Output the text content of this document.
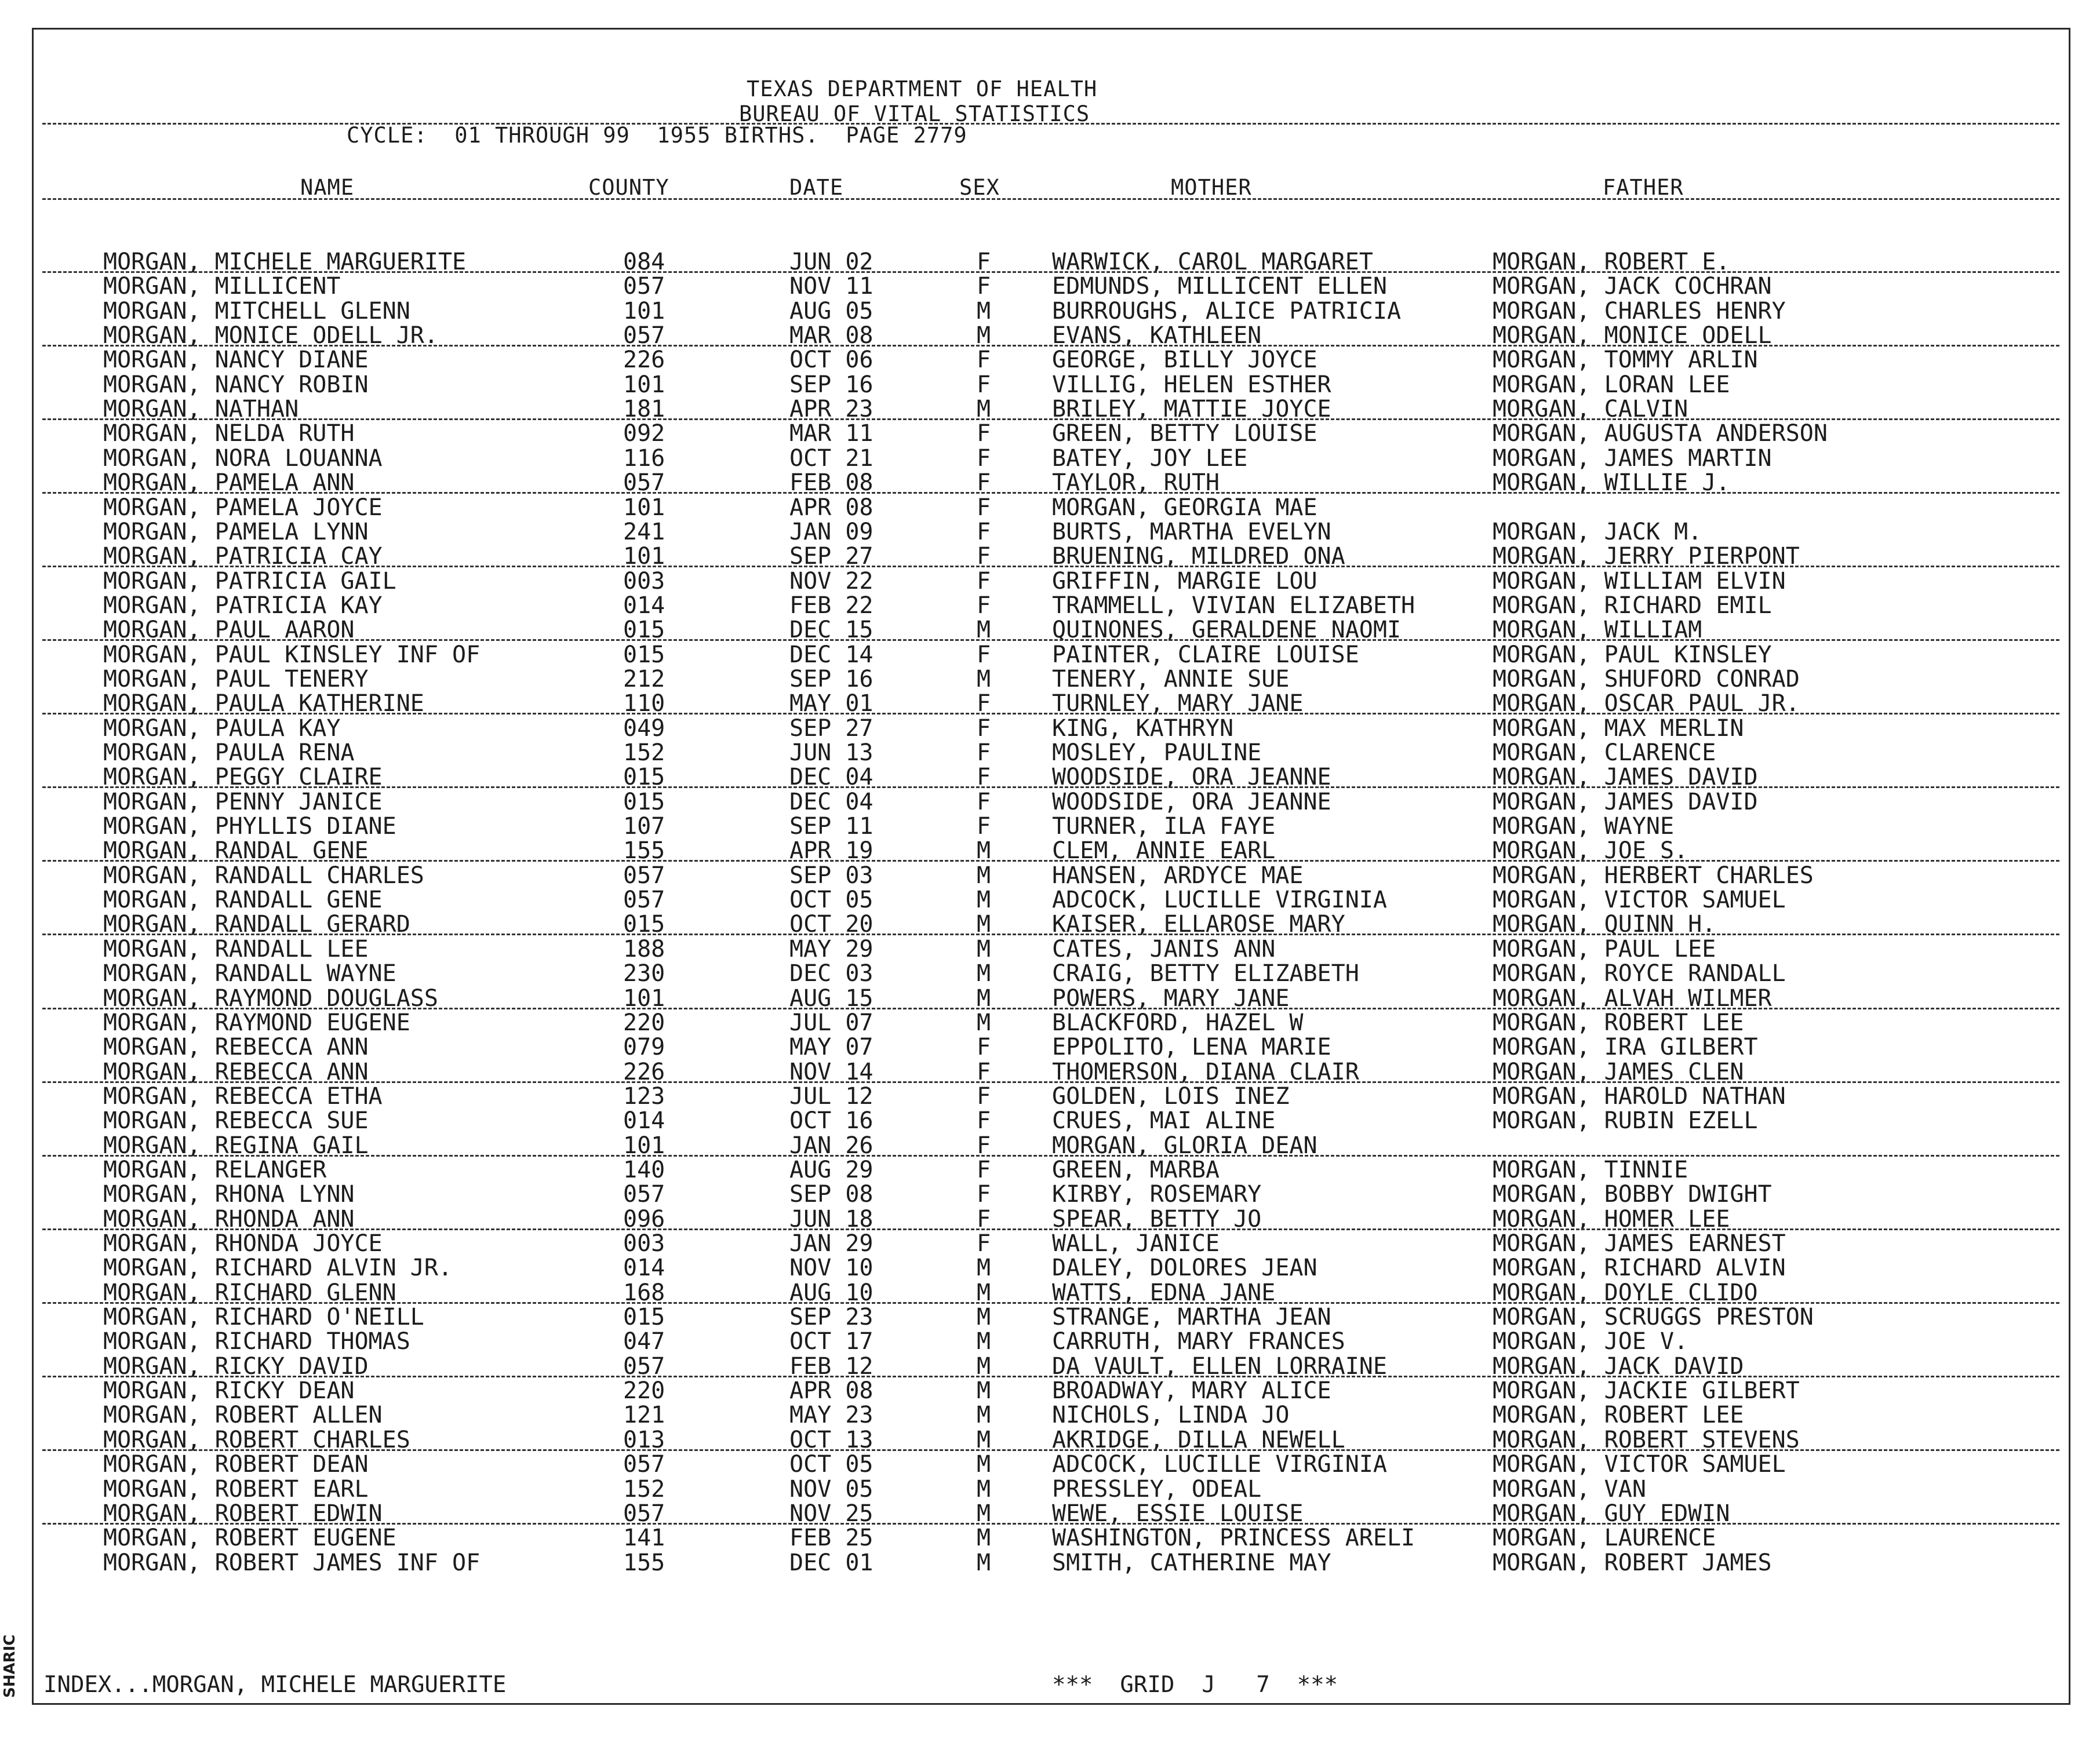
TEXAS DEPARTMENT OF HEALTH
BUREAU OF VITAL STATISTICS
CYCLE:  01 THROUGH 99  1955 BIRTHS.  PAGE 2779
NAME	COUNTY	DATE	SEX	MOTHER	FATHER
MORGAN, MICHELE MARGUERITE	084	JUN 02	F	WARWICK, CAROL MARGARET	MORGAN, ROBERT E.
MORGAN, MILLICENT	057	NOV 11	F	EDMUNDS, MILLICENT ELLEN	MORGAN, JACK COCHRAN
MORGAN, MITCHELL GLENN	101	AUG 05	M	BURROUGHS, ALICE PATRICIA	MORGAN, CHARLES HENRY
MORGAN, MONICE ODELL JR.	057	MAR 08	M	EVANS, KATHLEEN	MORGAN, MONICE ODELL
MORGAN, NANCY DIANE	226	OCT 06	F	GEORGE, BILLY JOYCE	MORGAN, TOMMY ARLIN
MORGAN, NANCY ROBIN	101	SEP 16	F	VILLIG, HELEN ESTHER	MORGAN, LORAN LEE
MORGAN, NATHAN	181	APR 23	M	BRILEY, MATTIE JOYCE	MORGAN, CALVIN
MORGAN, NELDA RUTH	092	MAR 11	F	GREEN, BETTY LOUISE	MORGAN, AUGUSTA ANDERSON
MORGAN, NORA LOUANNA	116	OCT 21	F	BATEY, JOY LEE	MORGAN, JAMES MARTIN
MORGAN, PAMELA ANN	057	FEB 08	F	TAYLOR, RUTH	MORGAN, WILLIE J.
MORGAN, PAMELA JOYCE	101	APR 08	F	MORGAN, GEORGIA MAE
MORGAN, PAMELA LYNN	241	JAN 09	F	BURTS, MARTHA EVELYN	MORGAN, JACK M.
MORGAN, PATRICIA CAY	101	SEP 27	F	BRUENING, MILDRED ONA	MORGAN, JERRY PIERPONT
MORGAN, PATRICIA GAIL	003	NOV 22	F	GRIFFIN, MARGIE LOU	MORGAN, WILLIAM ELVIN
MORGAN, PATRICIA KAY	014	FEB 22	F	TRAMMELL, VIVIAN ELIZABETH	MORGAN, RICHARD EMIL
MORGAN, PAUL AARON	015	DEC 15	M	QUINONES, GERALDENE NAOMI	MORGAN, WILLIAM
MORGAN, PAUL KINSLEY INF OF	015	DEC 14	F	PAINTER, CLAIRE LOUISE	MORGAN, PAUL KINSLEY
MORGAN, PAUL TENERY	212	SEP 16	M	TENERY, ANNIE SUE	MORGAN, SHUFORD CONRAD
MORGAN, PAULA KATHERINE	110	MAY 01	F	TURNLEY, MARY JANE	MORGAN, OSCAR PAUL JR.
MORGAN, PAULA KAY	049	SEP 27	F	KING, KATHRYN	MORGAN, MAX MERLIN
MORGAN, PAULA RENA	152	JUN 13	F	MOSLEY, PAULINE	MORGAN, CLARENCE
MORGAN, PEGGY CLAIRE	015	DEC 04	F	WOODSIDE, ORA JEANNE	MORGAN, JAMES DAVID
MORGAN, PENNY JANICE	015	DEC 04	F	WOODSIDE, ORA JEANNE	MORGAN, JAMES DAVID
MORGAN, PHYLLIS DIANE	107	SEP 11	F	TURNER, ILA FAYE	MORGAN, WAYNE
MORGAN, RANDAL GENE	155	APR 19	M	CLEM, ANNIE EARL	MORGAN, JOE S.
MORGAN, RANDALL CHARLES	057	SEP 03	M	HANSEN, ARDYCE MAE	MORGAN, HERBERT CHARLES
MORGAN, RANDALL GENE	057	OCT 05	M	ADCOCK, LUCILLE VIRGINIA	MORGAN, VICTOR SAMUEL
MORGAN, RANDALL GERARD	015	OCT 20	M	KAISER, ELLAROSE MARY	MORGAN, QUINN H.
MORGAN, RANDALL LEE	188	MAY 29	M	CATES, JANIS ANN	MORGAN, PAUL LEE
MORGAN, RANDALL WAYNE	230	DEC 03	M	CRAIG, BETTY ELIZABETH	MORGAN, ROYCE RANDALL
MORGAN, RAYMOND DOUGLASS	101	AUG 15	M	POWERS, MARY JANE	MORGAN, ALVAH WILMER
MORGAN, RAYMOND EUGENE	220	JUL 07	M	BLACKFORD, HAZEL W	MORGAN, ROBERT LEE
MORGAN, REBECCA ANN	079	MAY 07	F	EPPOLITO, LENA MARIE	MORGAN, IRA GILBERT
MORGAN, REBECCA ANN	226	NOV 14	F	THOMERSON, DIANA CLAIR	MORGAN, JAMES CLEN
MORGAN, REBECCA ETHA	123	JUL 12	F	GOLDEN, LOIS INEZ	MORGAN, HAROLD NATHAN
MORGAN, REBECCA SUE	014	OCT 16	F	CRUES, MAI ALINE	MORGAN, RUBIN EZELL
MORGAN, REGINA GAIL	101	JAN 26	F	MORGAN, GLORIA DEAN
MORGAN, RELANGER	140	AUG 29	F	GREEN, MARBA	MORGAN, TINNIE
MORGAN, RHONA LYNN	057	SEP 08	F	KIRBY, ROSEMARY	MORGAN, BOBBY DWIGHT
MORGAN, RHONDA ANN	096	JUN 18	F	SPEAR, BETTY JO	MORGAN, HOMER LEE
MORGAN, RHONDA JOYCE	003	JAN 29	F	WALL, JANICE	MORGAN, JAMES EARNEST
MORGAN, RICHARD ALVIN JR.	014	NOV 10	M	DALEY, DOLORES JEAN	MORGAN, RICHARD ALVIN
MORGAN, RICHARD GLENN	168	AUG 10	M	WATTS, EDNA JANE	MORGAN, DOYLE CLIDO
MORGAN, RICHARD O'NEILL	015	SEP 23	M	STRANGE, MARTHA JEAN	MORGAN, SCRUGGS PRESTON
MORGAN, RICHARD THOMAS	047	OCT 17	M	CARRUTH, MARY FRANCES	MORGAN, JOE V.
MORGAN, RICKY DAVID	057	FEB 12	M	DA VAULT, ELLEN LORRAINE	MORGAN, JACK DAVID
MORGAN, RICKY DEAN	220	APR 08	M	BROADWAY, MARY ALICE	MORGAN, JACKIE GILBERT
MORGAN, ROBERT ALLEN	121	MAY 23	M	NICHOLS, LINDA JO	MORGAN, ROBERT LEE
MORGAN, ROBERT CHARLES	013	OCT 13	M	AKRIDGE, DILLA NEWELL	MORGAN, ROBERT STEVENS
MORGAN, ROBERT DEAN	057	OCT 05	M	ADCOCK, LUCILLE VIRGINIA	MORGAN, VICTOR SAMUEL
MORGAN, ROBERT EARL	152	NOV 05	M	PRESSLEY, ODEAL	MORGAN, VAN
MORGAN, ROBERT EDWIN	057	NOV 25	M	WEWE, ESSIE LOUISE	MORGAN, GUY EDWIN
MORGAN, ROBERT EUGENE	141	FEB 25	M	WASHINGTON, PRINCESS ARELI	MORGAN, LAURENCE
MORGAN, ROBERT JAMES INF OF	155	DEC 01	M	SMITH, CATHERINE MAY	MORGAN, ROBERT JAMES
INDEX...MORGAN, MICHELE MARGUERITE	***  GRID  J   7  ***
SHARIC
